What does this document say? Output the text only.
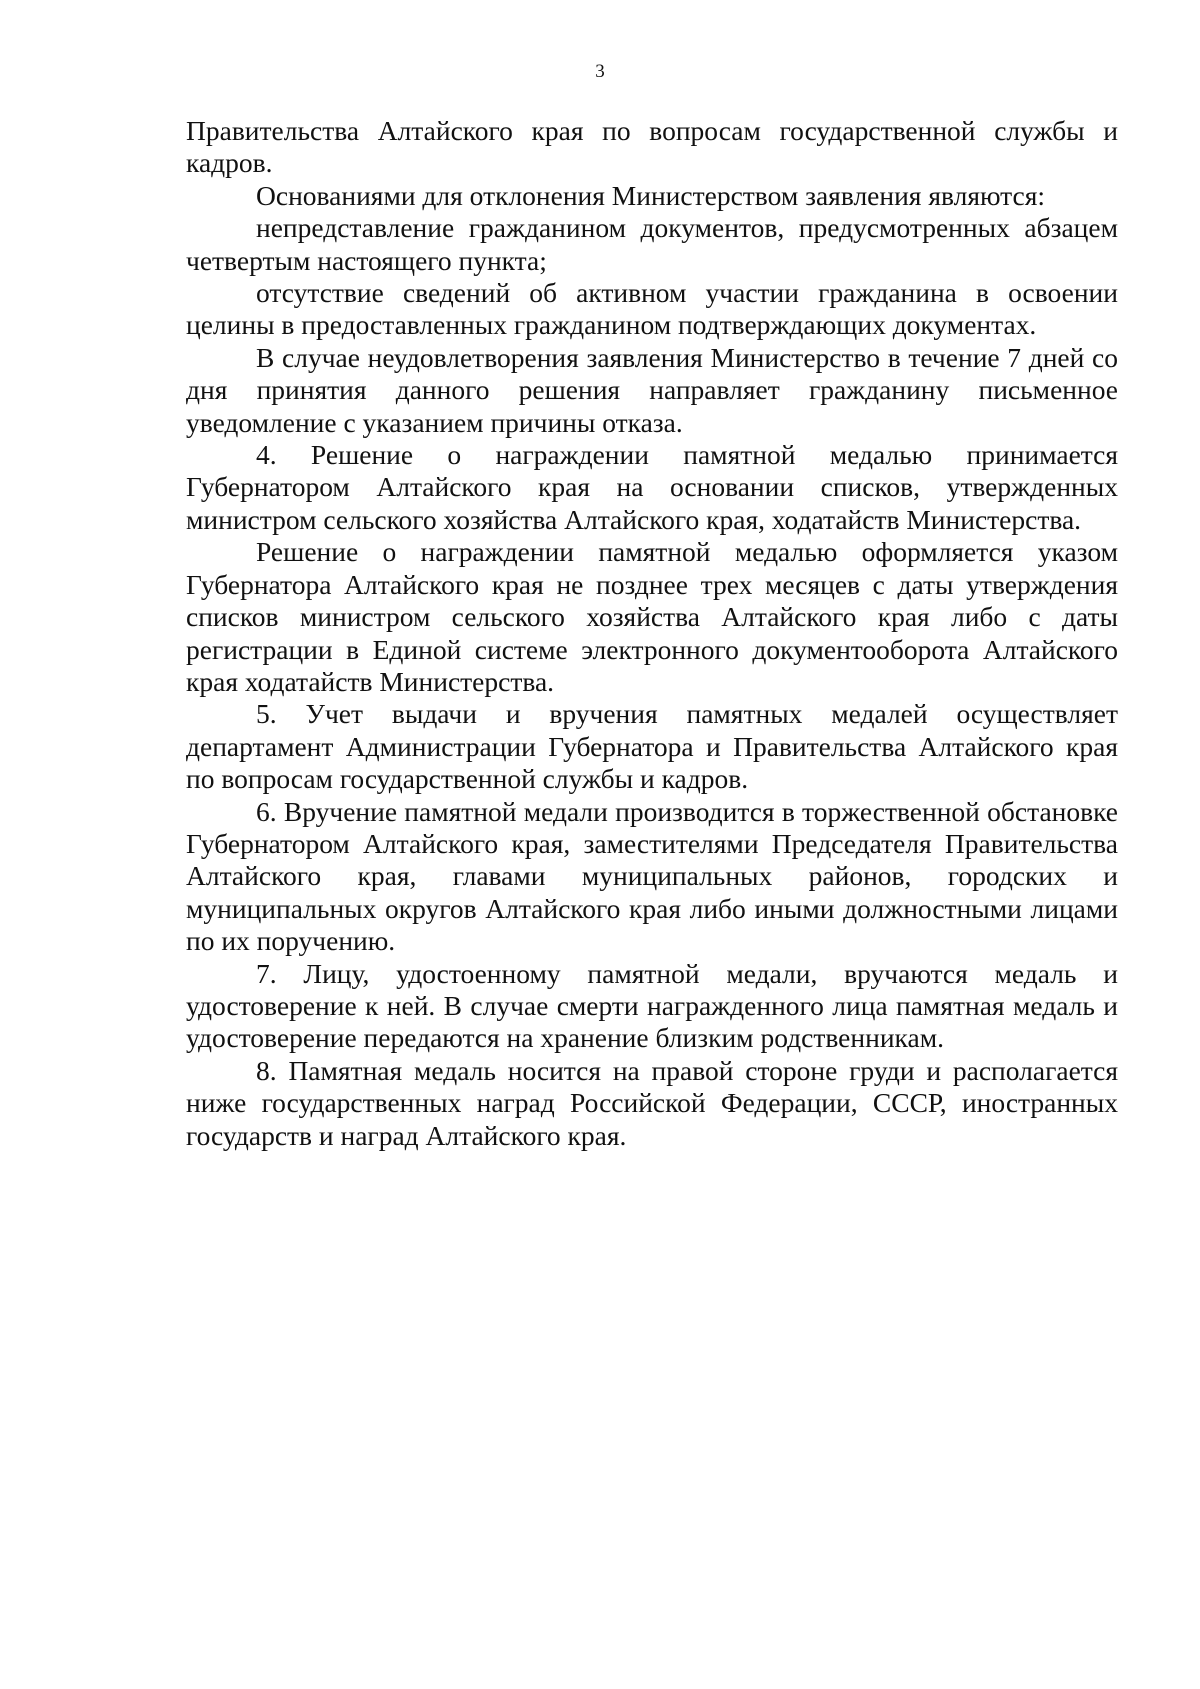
3

Правительства Алтайского края по вопросам государственной службы и кадров.

Основаниями для отклонения Министерством заявления являются:

непредставление гражданином документов, предусмотренных абзацем четвертым настоящего пункта;

отсутствие сведений об активном участии гражданина в освоении целины в предоставленных гражданином подтверждающих документах.

В случае неудовлетворения заявления Министерство в течение 7 дней со дня принятия данного решения направляет гражданину письменное уведомление с указанием причины отказа.

4. Решение о награждении памятной медалью принимается Губернатором Алтайского края на основании списков, утвержденных министром сельского хозяйства Алтайского края, ходатайств Министерства.

Решение о награждении памятной медалью оформляется указом Губернатора Алтайского края не позднее трех месяцев с даты утверждения списков министром сельского хозяйства Алтайского края либо с даты регистрации в Единой системе электронного документооборота Алтайского края ходатайств Министерства.

5. Учет выдачи и вручения памятных медалей осуществляет департамент Администрации Губернатора и Правительства Алтайского края по вопросам государственной службы и кадров.

6. Вручение памятной медали производится в торжественной обстановке Губернатором Алтайского края, заместителями Председателя Правительства Алтайского края, главами муниципальных районов, городских и муниципальных округов Алтайского края либо иными должностными лицами по их поручению.

7. Лицу, удостоенному памятной медали, вручаются медаль и удостоверение к ней. В случае смерти награжденного лица памятная медаль и удостоверение передаются на хранение близким родственникам.

8. Памятная медаль носится на правой стороне груди и располагается ниже государственных наград Российской Федерации, СССР, иностранных государств и наград Алтайского края.
